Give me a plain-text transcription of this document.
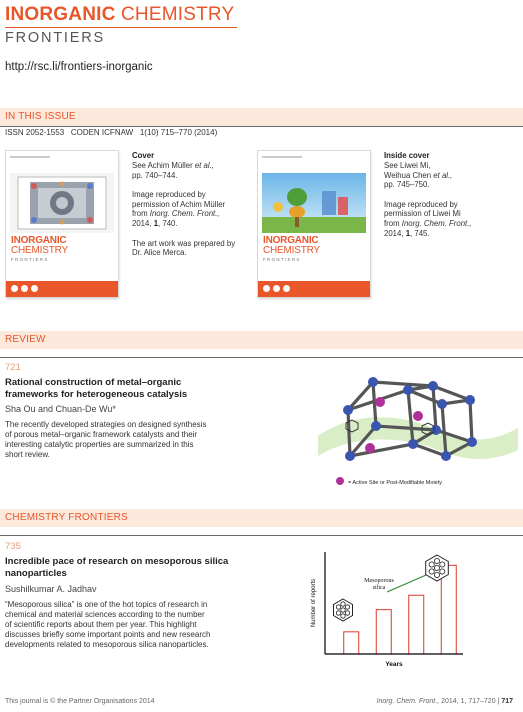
INORGANIC CHEMISTRY
FRONTIERS
http://rsc.li/frontiers-inorganic
IN THIS ISSUE
ISSN 2052-1553   CODEN ICFNAW   1(10) 715–770 (2014)
INORGANIC
CHEMISTRY
FRONTIERS
Cover
See Achim Müller et al.,
pp. 740–744.
Image reproduced by
permission of Achim Müller
from Inorg. Chem. Front.,
2014, 1, 740.
The art work was prepared by
Dr. Alice Merca.
INORGANIC
CHEMISTRY
FRONTIERS
Inside cover
See Liwei Mi,
Weihua Chen et al.,
pp. 745–750.
Image reproduced by
permission of Liwei Mi
from Inorg. Chem. Front.,
2014, 1, 745.
REVIEW
721
Rational construction of metal–organic
frameworks for heterogeneous catalysis
Sha Ou and Chuan-De Wu*
The recently developed strategies on designed synthesis
of porous metal–organic framework catalysts and their
interesting catalytic properties are summarized in this
short review.
= Active Site or Post-Modifiable Moiety
CHEMISTRY FRONTIERS
735
Incredible pace of research on mesoporous silica
nanoparticles
Sushilkumar A. Jadhav
“Mesoporous silica” is one of the hot topics of research in
chemical and material sciences according to the number
of scientific reports about them per year. This highlight
discusses briefly some important points and new research
developments related to mesoporous silica nanoparticles.
Number of reports
Years
Mesoporous
silica
This journal is © the Partner Organisations 2014	Inorg. Chem. Front., 2014, 1, 717–720 | 717
